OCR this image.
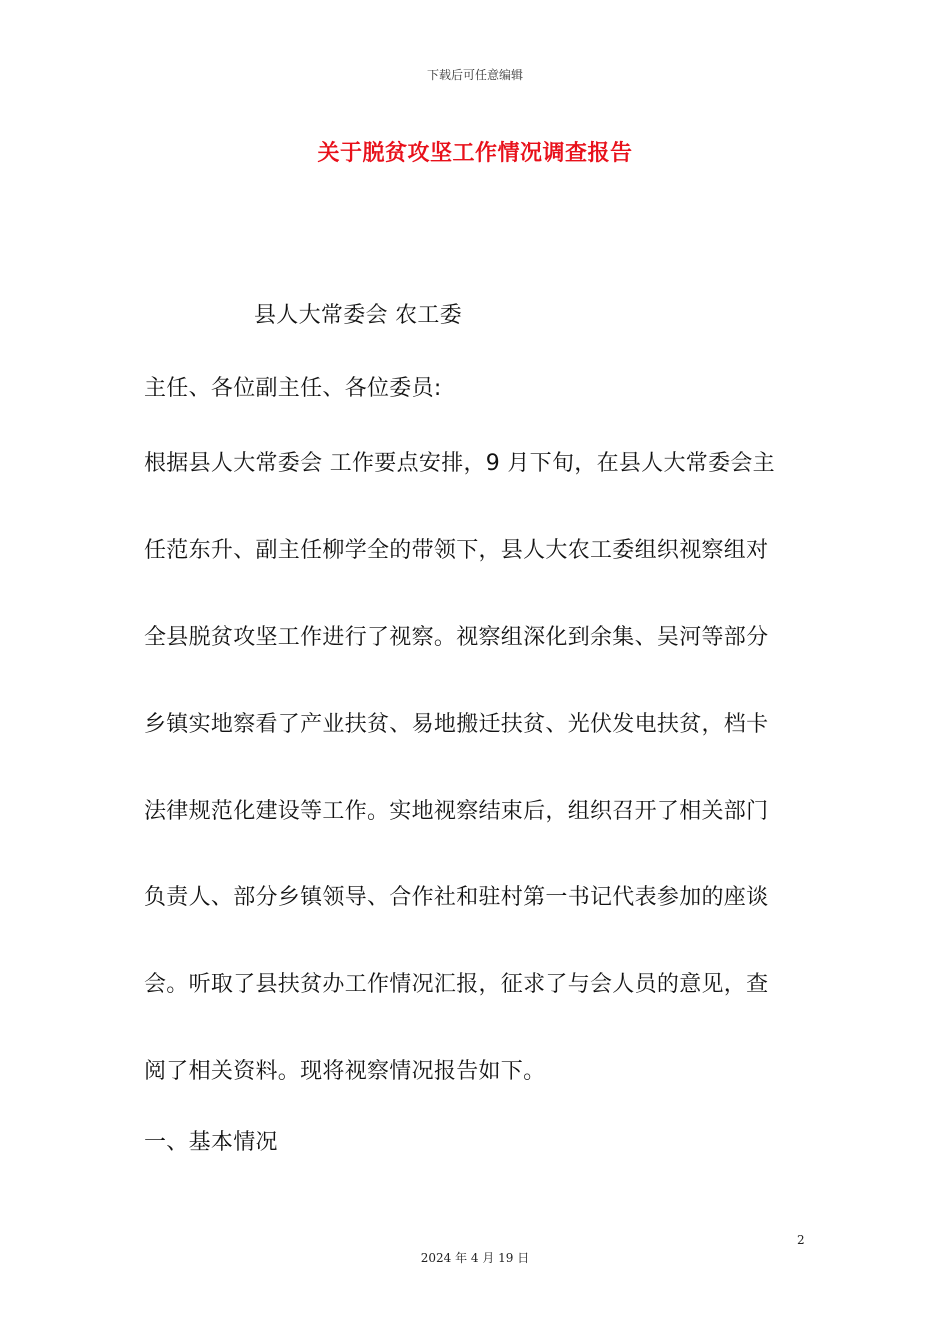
下载后可任意编辑
关于脱贫攻坚工作情况调查报告
县人大常委会 农工委
主任、各位副主任、各位委员:
根据县人大常委会 工作要点安排，9 月下旬，在县人大常委会主
任范东升、副主任柳学全的带领下，县人大农工委组织视察组对
全县脱贫攻坚工作进行了视察。视察组深化到余集、吴河等部分
乡镇实地察看了产业扶贫、易地搬迁扶贫、光伏发电扶贫，档卡
法律规范化建设等工作。实地视察结束后，组织召开了相关部门
负责人、部分乡镇领导、合作社和驻村第一书记代表参加的座谈
会。听取了县扶贫办工作情况汇报，征求了与会人员的意见，查
阅了相关资料。现将视察情况报告如下。
一、基本情况
2
2024 年 4 月 19 日
